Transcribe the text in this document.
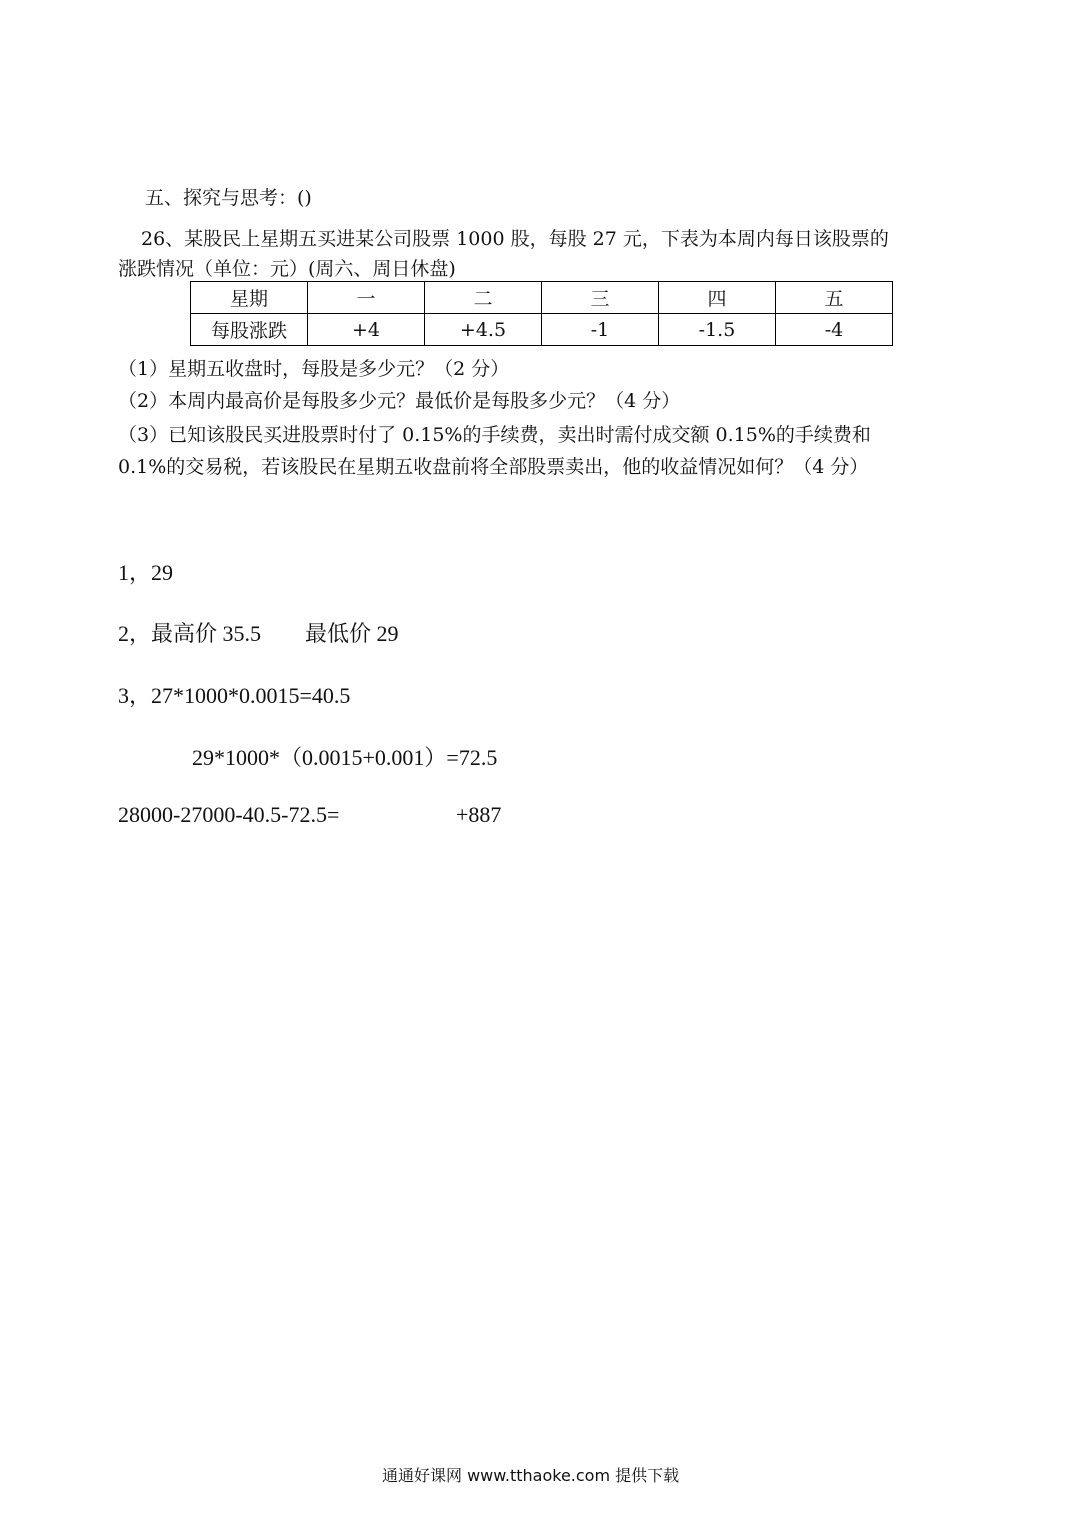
五、探究与思考：()
26、某股民上星期五买进某公司股票 1000 股，每股 27 元，下表为本周内每日该股票的
涨跌情况（单位：元）(周六、周日休盘)
星期	一	二	三	四	五
每股涨跌	+4	+4.5	-1	-1.5	-4
（1）星期五收盘时，每股是多少元？（2 分）
（2）本周内最高价是每股多少元？最低价是每股多少元？（4 分）
（3）已知该股民买进股票时付了 0.15%的手续费，卖出时需付成交额 0.15%的手续费和
0.1%的交易税，若该股民在星期五收盘前将全部股票卖出，他的收益情况如何？（4 分）
1，29
2，最高价 35.5　　最低价 29
3，27*1000*0.0015=40.5
29*1000*（0.0015+0.001）=72.5
28000-27000-40.5-72.5=	+887
通通好课网 www.tthaoke.com 提供下载
